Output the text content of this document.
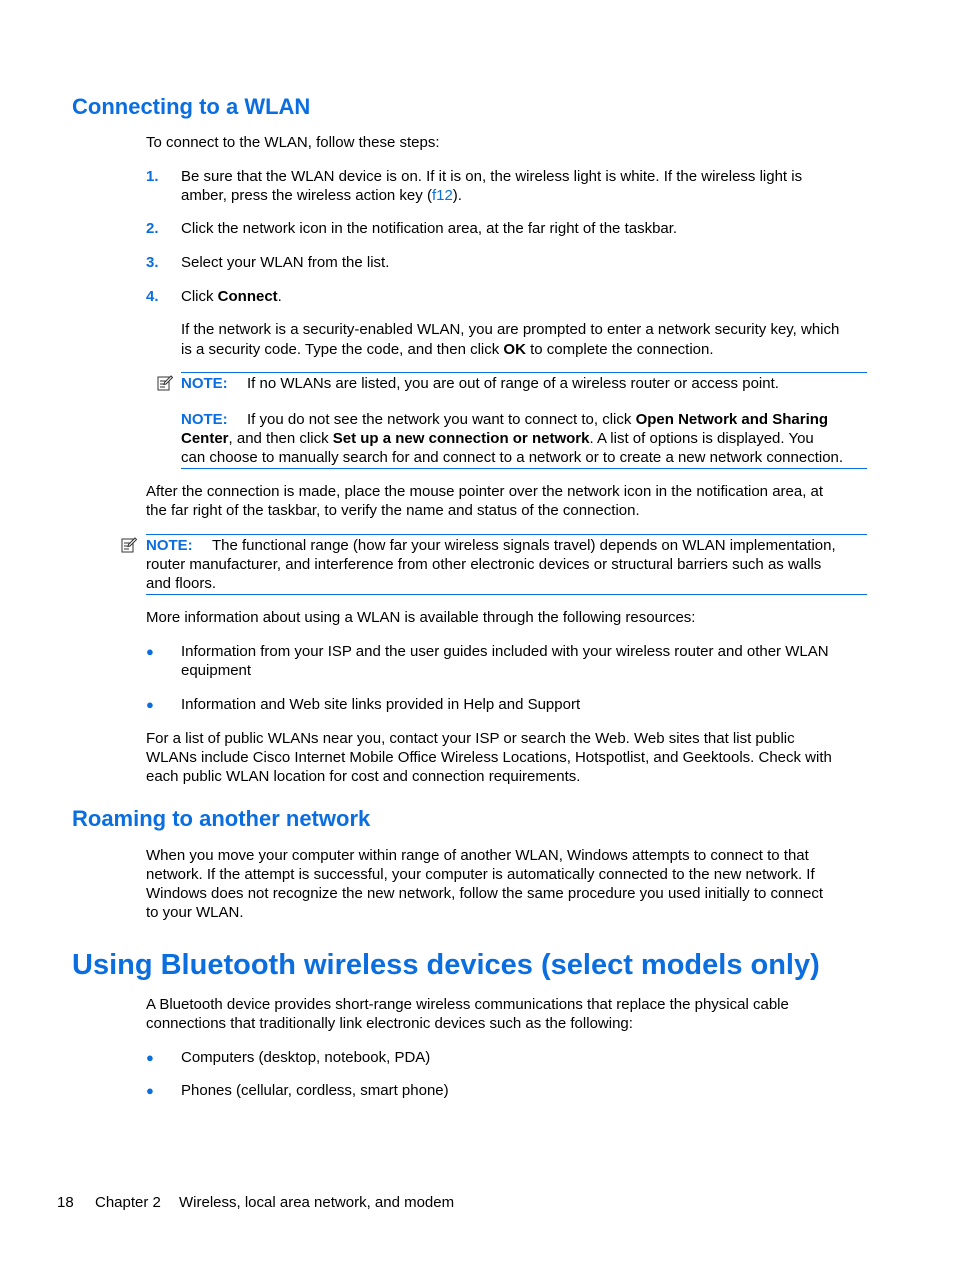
Connecting to a WLAN
To connect to the WLAN, follow these steps:
1. Be sure that the WLAN device is on. If it is on, the wireless light is white. If the wireless light is
amber, press the wireless action key (f12).
2. Click the network icon in the notification area, at the far right of the taskbar.
3. Select your WLAN from the list.
4. Click Connect.
If the network is a security-enabled WLAN, you are prompted to enter a network security key, which
is a security code. Type the code, and then click OK to complete the connection.
NOTE: If no WLANs are listed, you are out of range of a wireless router or access point.
NOTE: If you do not see the network you want to connect to, click Open Network and Sharing
Center, and then click Set up a new connection or network. A list of options is displayed. You
can choose to manually search for and connect to a network or to create a new network connection.
After the connection is made, place the mouse pointer over the network icon in the notification area, at
the far right of the taskbar, to verify the name and status of the connection.
NOTE: The functional range (how far your wireless signals travel) depends on WLAN implementation,
router manufacturer, and interference from other electronic devices or structural barriers such as walls
and floors.
More information about using a WLAN is available through the following resources:
● Information from your ISP and the user guides included with your wireless router and other WLAN
equipment
● Information and Web site links provided in Help and Support
For a list of public WLANs near you, contact your ISP or search the Web. Web sites that list public
WLANs include Cisco Internet Mobile Office Wireless Locations, Hotspotlist, and Geektools. Check with
each public WLAN location for cost and connection requirements.
Roaming to another network
When you move your computer within range of another WLAN, Windows attempts to connect to that
network. If the attempt is successful, your computer is automatically connected to the new network. If
Windows does not recognize the new network, follow the same procedure you used initially to connect
to your WLAN.
Using Bluetooth wireless devices (select models only)
A Bluetooth device provides short-range wireless communications that replace the physical cable
connections that traditionally link electronic devices such as the following:
● Computers (desktop, notebook, PDA)
● Phones (cellular, cordless, smart phone)
18 Chapter 2 Wireless, local area network, and modem
